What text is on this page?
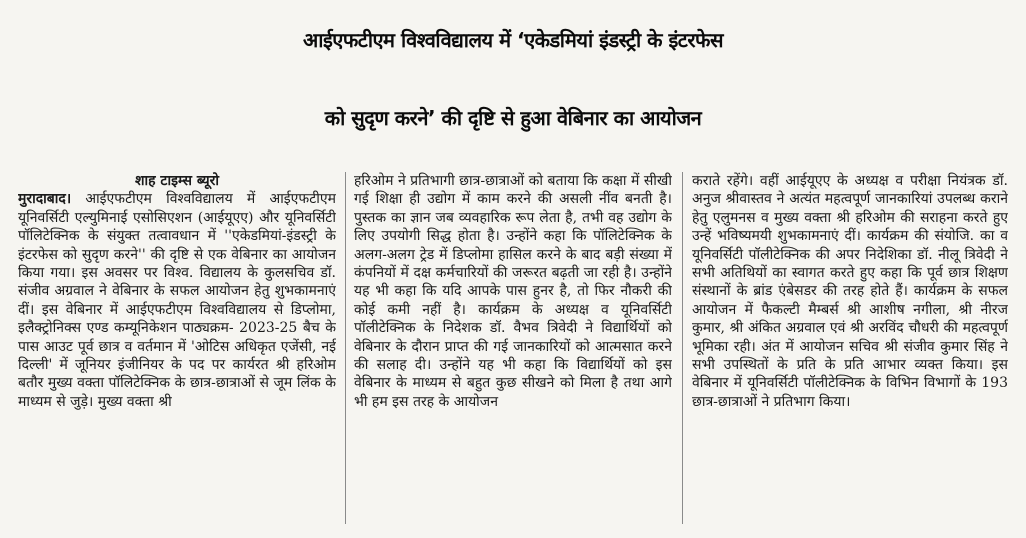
आईएफटीएम विश्वविद्यालय में ‘एकेडमियां इंडस्ट्री के इंटरफेस
को सुदृण करने’ की दृष्टि से हुआ वेबिनार का आयोजन
शाह टाइम्स ब्यूरो

मुरादाबाद। आईएफटीएम विश्वविद्यालय में आईएफटीएम यूनिवर्सिटी एल्युमिनाई एसोसिएशन (आईयूएए) और यूनिवर्सिटी पॉलिटेक्निक के संयुक्त तत्वावधान में ''एकेडमियां-इंडस्ट्री के इंटरफेस को सुदृण करने'' की दृष्टि से एक वेबिनार का आयोजन किया गया। इस अवसर पर विश्व. विद्यालय के कुलसचिव डॉ. संजीव अग्रवाल ने वेबिनार के सफल आयोजन हेतु शुभकामनाएं दीं। इस वेबिनार में आईएफटीएम विश्वविद्यालय से डिप्लोमा, इलैक्ट्रोनिक्स एण्ड कम्यूनिकेशन पाठ्यक्रम- 2023-25 बैच के पास आउट पूर्व छात्र व वर्तमान में 'ओटिस अधिकृत एजेंसी, नई दिल्ली' में जूनियर इंजीनियर के पद पर कार्यरत श्री हरिओम बतौर मुख्य वक्ता पॉलिटेक्निक के छात्र-छात्राओं से जूम लिंक के माध्यम से जुड़े। मुख्य वक्ता श्री

हरिओम ने प्रतिभागी छात्र-छात्राओं को बताया कि कक्षा में सीखी गई शिक्षा ही उद्योग में काम करने की असली नींव बनती है। पुस्तक का ज्ञान जब व्यवहारिक रूप लेता है, तभी वह उद्योग के लिए उपयोगी सिद्ध होता है। उन्होंने कहा कि पॉलिटेक्निक के अलग-अलग ट्रेड में डिप्लोमा हासिल करने के बाद बड़ी संख्या में कंपनियों में दक्ष कर्मचारियों की जरूरत बढ़ती जा रही है। उन्होंने यह भी कहा कि यदि आपके पास हुनर है, तो फिर नौकरी की कोई कमी नहीं है। कार्यक्रम के अध्यक्ष व यूनिवर्सिटी पॉलीटेक्निक के निदेशक डॉ. वैभव त्रिवेदी ने विद्यार्थियों को वेबिनार के दौरान प्राप्त की गई जानकारियों को आत्मसात करने की सलाह दी। उन्होंने यह भी कहा कि विद्यार्थियों को इस वेबिनार के माध्यम से बहुत कुछ सीखने को मिला है तथा आगे भी हम इस तरह के आयोजन

कराते रहेंगे। वहीं आईयूएए के अध्यक्ष व परीक्षा नियंत्रक डॉ. अनुज श्रीवास्तव ने अत्यंत महत्वपूर्ण जानकारियां उपलब्ध कराने हेतु एलुमनस व मुख्य वक्ता श्री हरिओम की सराहना करते हुए उन्हें भविष्यमयी शुभकामनाएं दीं। कार्यक्रम की संयोजि. का व यूनिवर्सिटी पॉलीटेक्निक की अपर निदेशिका डॉ. नीलू त्रिवेदी ने सभी अतिथियों का स्वागत करते हुए कहा कि पूर्व छात्र शिक्षण संस्थानों के ब्रांड एंबेसडर की तरह होते हैं। कार्यक्रम के सफल आयोजन में फैकल्टी मैम्बर्स श्री आशीष नगीला, श्री नीरज कुमार, श्री अंकित अग्रवाल एवं श्री अरविंद चौधरी की महत्वपूर्ण भूमिका रही। अंत में आयोजन सचिव श्री संजीव कुमार सिंह ने सभी उपस्थितों के प्रति के प्रति आभार व्यक्त किया। इस वेबिनार में यूनिवर्सिटी पॉलीटेक्निक के विभिन विभागों के 193 छात्र-छात्राओं ने प्रतिभाग किया।
